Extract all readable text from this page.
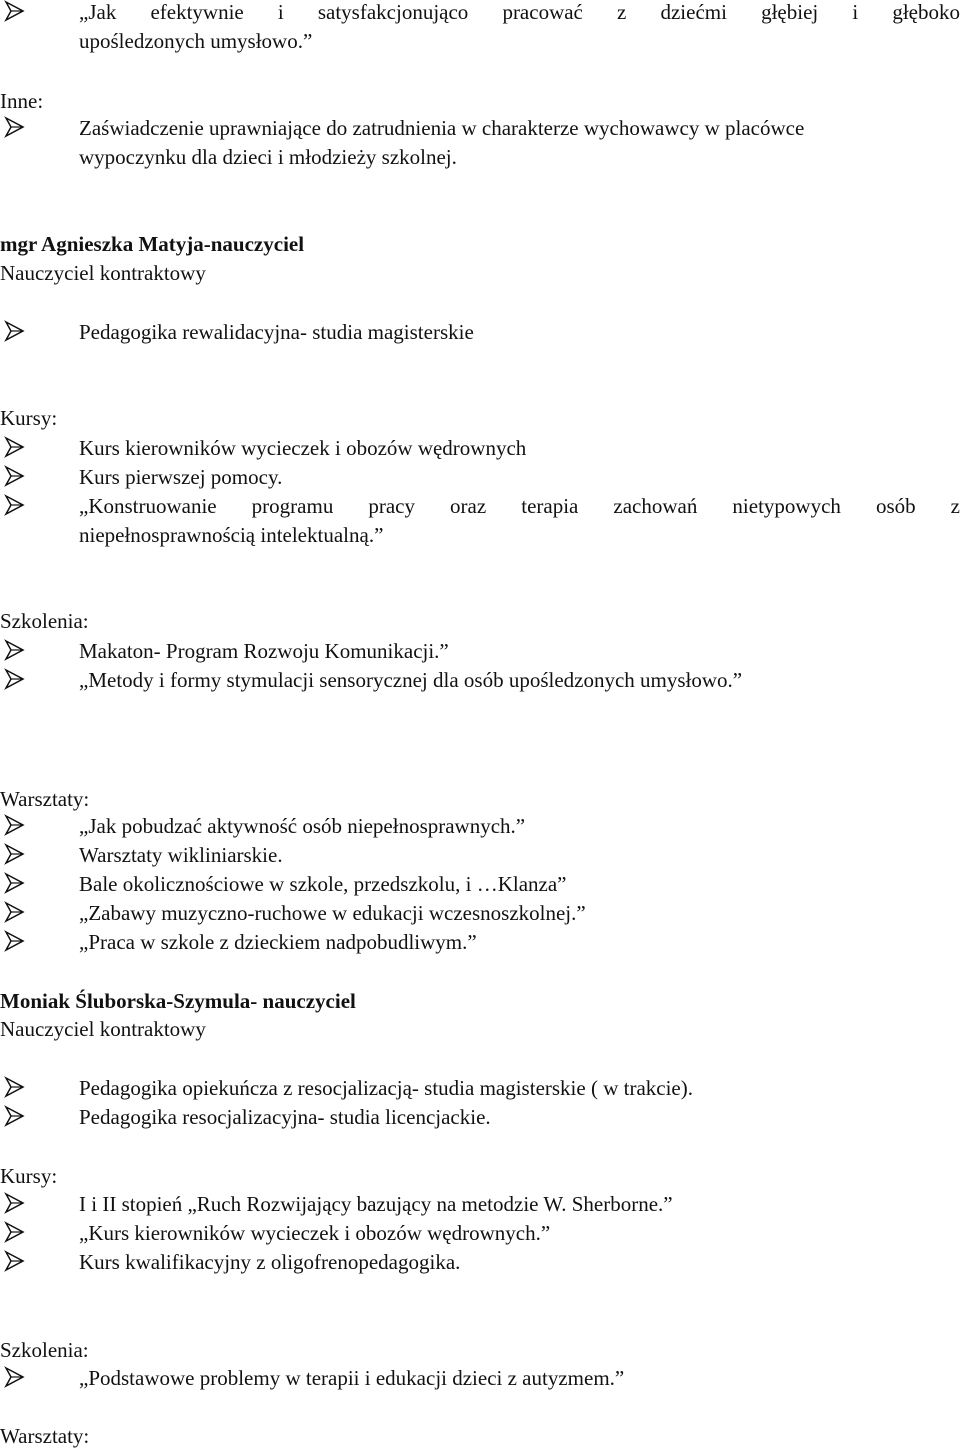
„Jak efektywnie i satysfakcjonująco pracować z dziećmi głębiej i głęboko
upośledzonych umysłowo.”
Inne:
Zaświadczenie uprawniające do zatrudnienia w charakterze wychowawcy w placówce
wypoczynku dla dzieci i młodzieży szkolnej.
mgr Agnieszka Matyja-nauczyciel
Nauczyciel kontraktowy
Pedagogika rewalidacyjna- studia magisterskie
Kursy:
Kurs kierowników wycieczek i obozów wędrownych
Kurs pierwszej pomocy.
„Konstruowanie programu pracy oraz terapia zachowań nietypowych osób z
niepełnosprawnością intelektualną.”
Szkolenia:
Makaton- Program Rozwoju Komunikacji.”
„Metody i formy stymulacji sensorycznej dla osób upośledzonych umysłowo.”
Warsztaty:
„Jak pobudzać aktywność osób niepełnosprawnych.”
Warsztaty wikliniarskie.
Bale okolicznościowe w szkole, przedszkolu, i …Klanza”
„Zabawy muzyczno-ruchowe w edukacji wczesnoszkolnej.”
„Praca w szkole z dzieckiem nadpobudliwym.”
Moniak Śluborska-Szymula- nauczyciel
Nauczyciel kontraktowy
Pedagogika opiekuńcza z resocjalizacją- studia magisterskie ( w trakcie).
Pedagogika resocjalizacyjna- studia licencjackie.
Kursy:
I i II stopień „Ruch Rozwijający bazujący na metodzie W. Sherborne.”
„Kurs kierowników wycieczek i obozów wędrownych.”
Kurs kwalifikacyjny z oligofrenopedagogika.
Szkolenia:
„Podstawowe problemy w terapii i edukacji dzieci z autyzmem.”
Warsztaty:
